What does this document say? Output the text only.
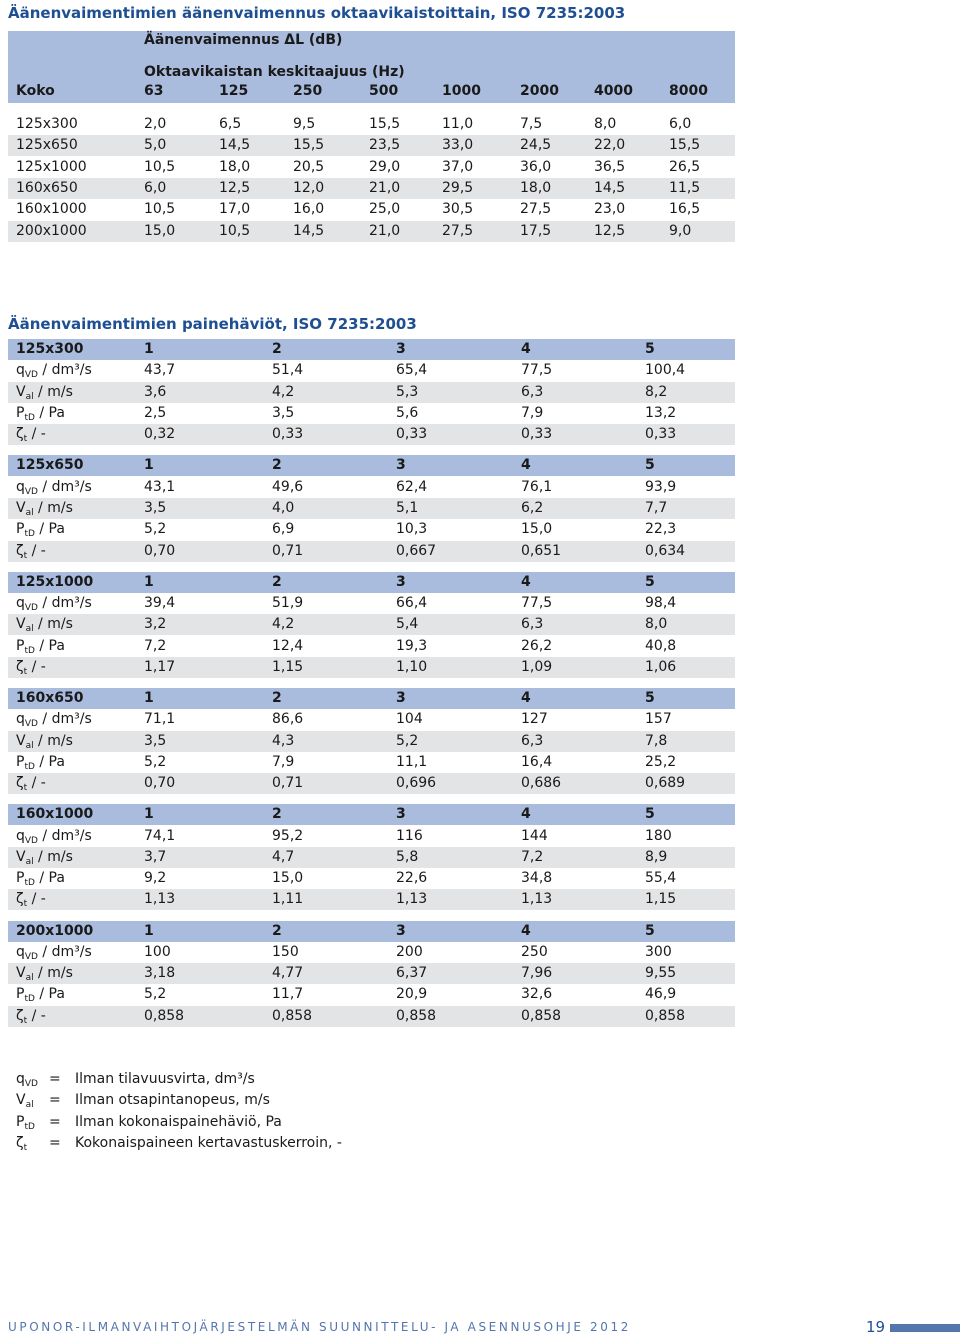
Äänenvaimentimien äänenvaimennus oktaavikaistoittain, ISO 7235:2003
Äänenvaimennus ΔL (dB)
Oktaavikaistan keskitaajuus (Hz)
Koko	63	125	250	500	1000	2000	4000	8000
125x300	2,0	6,5	9,5	15,5	11,0	7,5	8,0	6,0
125x650	5,0	14,5	15,5	23,5	33,0	24,5	22,0	15,5
125x1000	10,5	18,0	20,5	29,0	37,0	36,0	36,5	26,5
160x650	6,0	12,5	12,0	21,0	29,5	18,0	14,5	11,5
160x1000	10,5	17,0	16,0	25,0	30,5	27,5	23,0	16,5
200x1000	15,0	10,5	14,5	21,0	27,5	17,5	12,5	9,0
Äänenvaimentimien painehäviöt, ISO 7235:2003
125x300	1	2	3	4	5
$q_{VD} / dm^3/s$	43,7	51,4	65,4	77,5	100,4
$V_{al} / m/s$	3,6	4,2	5,3	6,3	8,2
$P_{tD}$ / Pa	2,5	3,5	5,6	7,9	13,2
$\zeta_t$ / -	0,32	0,33	0,33	0,33	0,33
125x650	1	2	3	4	5
$q_{VD} / dm^3/s$	43,1	49,6	62,4	76,1	93,9
$V_{al} / m/s$	3,5	4,0	5,1	6,2	7,7
$P_{tD}$ / Pa	5,2	6,9	10,3	15,0	22,3
$\zeta_t$ / -	0,70	0,71	0,667	0,651	0,634
125x1000	1	2	3	4	5
$q_{VD} / dm^3/s$	39,4	51,9	66,4	77,5	98,4
$V_{al} / m/s$	3,2	4,2	5,4	6,3	8,0
$P_{tD}$ / Pa	7,2	12,4	19,3	26,2	40,8
$\zeta_t$ / -	1,17	1,15	1,10	1,09	1,06
160x650	1	2	3	4	5
$q_{VD} / dm^3/s$	71,1	86,6	104	127	157
$V_{al} / m/s$	3,5	4,3	5,2	6,3	7,8
$P_{tD}$ / Pa	5,2	7,9	11,1	16,4	25,2
$\zeta_t$ / -	0,70	0,71	0,696	0,686	0,689
160x1000	1	2	3	4	5
$q_{VD} / dm^3/s$	74,1	95,2	116	144	180
$V_{al} / m/s$	3,7	4,7	5,8	7,2	8,9
$P_{tD}$ / Pa	9,2	15,0	22,6	34,8	55,4
$\zeta_t$ / -	1,13	1,11	1,13	1,13	1,15
200x1000	1	2	3	4	5
$q_{VD} / dm^3/s$	100	150	200	250	300
$V_{al} / m/s$	3,18	4,77	6,37	7,96	9,55
$P_{tD}$ / Pa	5,2	11,7	20,9	32,6	46,9
$\zeta_t$ / -	0,858	0,858	0,858	0,858	0,858
$q_{VD}$ = Ilman tilavuusvirta, dm³/s
$V_{al}$ = Ilman otsapintanopeus, m/s
$P_{tD}$ = Ilman kokonaispainehäviö, Pa
$\zeta_t$ = Kokonaispaineen kertavastuskerroin, -
UPONOR-ILMANVAIHTOJÄRJESTELMÄN SUUNNITTELU- JA ASENNUSOHJE 2012	19
